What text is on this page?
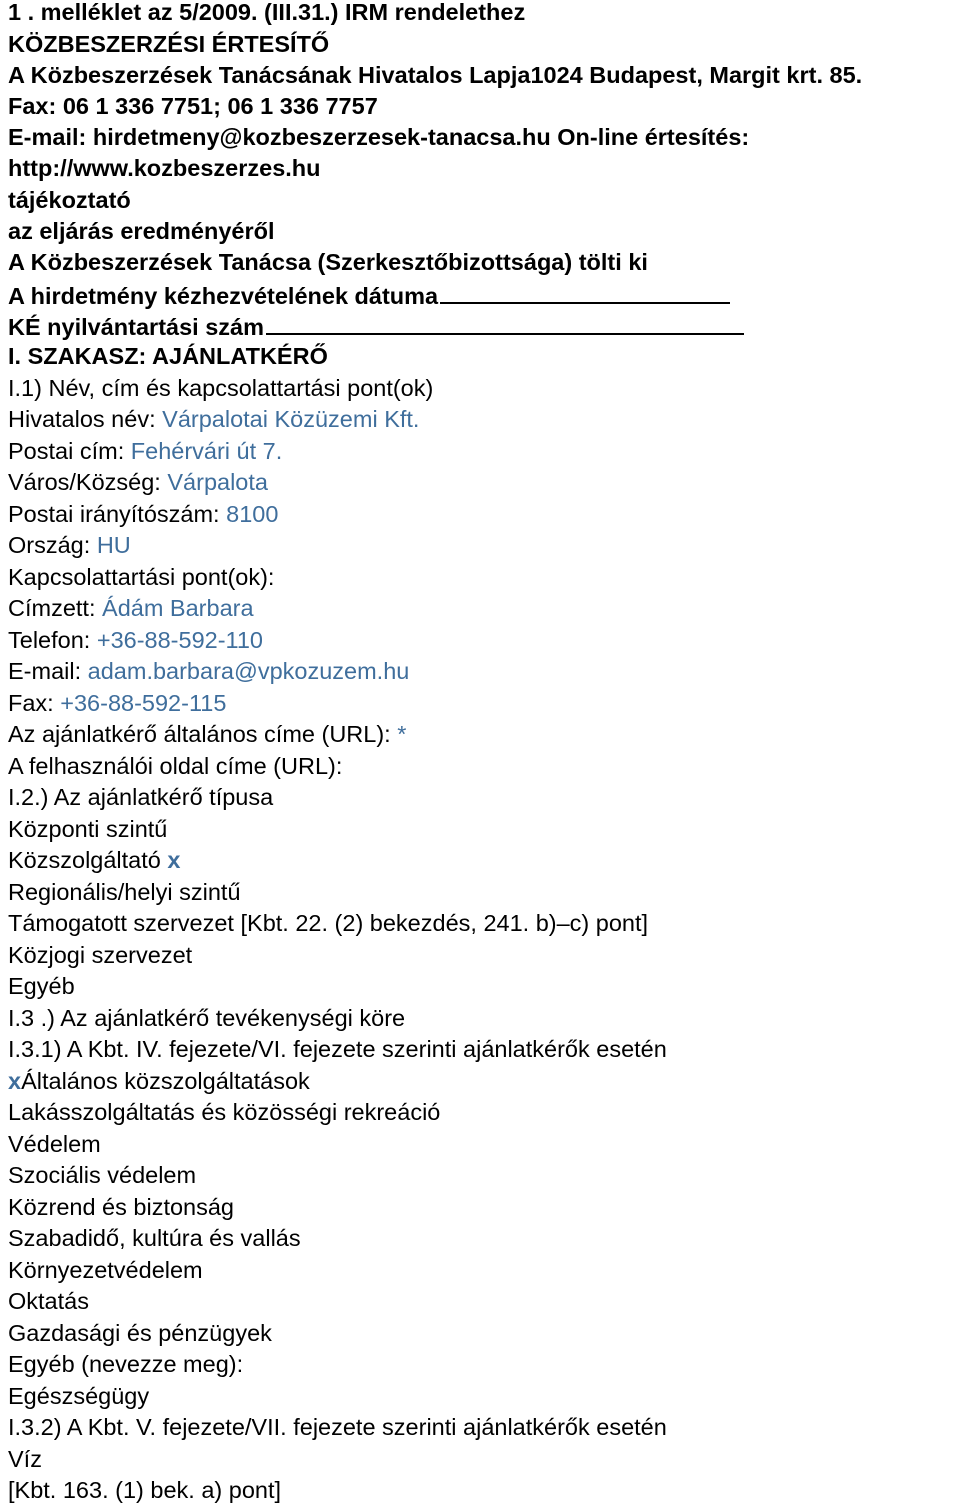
1 . melléklet az 5/2009. (III.31.) IRM rendelethez
KÖZBESZERZÉSI ÉRTESÍTŐ
A Közbeszerzések Tanácsának Hivatalos Lapja1024 Budapest, Margit krt. 85.
Fax: 06 1 336 7751; 06 1 336 7757
E-mail: hirdetmeny@kozbeszerzesek-tanacsa.hu On-line értesítés:
http://www.kozbeszerzes.hu
tájékoztató
az eljárás eredményéről
A Közbeszerzések Tanácsa (Szerkesztőbizottsága) tölti ki
A hirdetmény kézhezvételének dátuma
KÉ nyilvántartási szám
I. SZAKASZ: AJÁNLATKÉRŐ
I.1) Név, cím és kapcsolattartási pont(ok)
Hivatalos név: Várpalotai Közüzemi Kft.
Postai cím: Fehérvári út 7.
Város/Község: Várpalota
Postai irányítószám: 8100
Ország: HU
Kapcsolattartási pont(ok):
Címzett: Ádám Barbara
Telefon: +36-88-592-110
E-mail: adam.barbara@vpkozuzem.hu
Fax: +36-88-592-115
Az ajánlatkérő általános címe (URL): *
A felhasználói oldal címe (URL):
I.2.) Az ajánlatkérő típusa
Központi szintű
Közszolgáltató x
Regionális/helyi szintű
Támogatott szervezet [Kbt. 22. (2) bekezdés, 241. b)–c) pont]
Közjogi szervezet
Egyéb
I.3 .) Az ajánlatkérő tevékenységi köre
I.3.1) A Kbt. IV. fejezete/VI. fejezete szerinti ajánlatkérők esetén
xÁltalános közszolgáltatások
Lakásszolgáltatás és közösségi rekreáció
Védelem
Szociális védelem
Közrend és biztonság
Szabadidő, kultúra és vallás
Környezetvédelem
Oktatás
Gazdasági és pénzügyek
Egyéb (nevezze meg):
Egészségügy
I.3.2) A Kbt. V. fejezete/VII. fejezete szerinti ajánlatkérők esetén
Víz
[Kbt. 163. (1) bek. a) pont]
